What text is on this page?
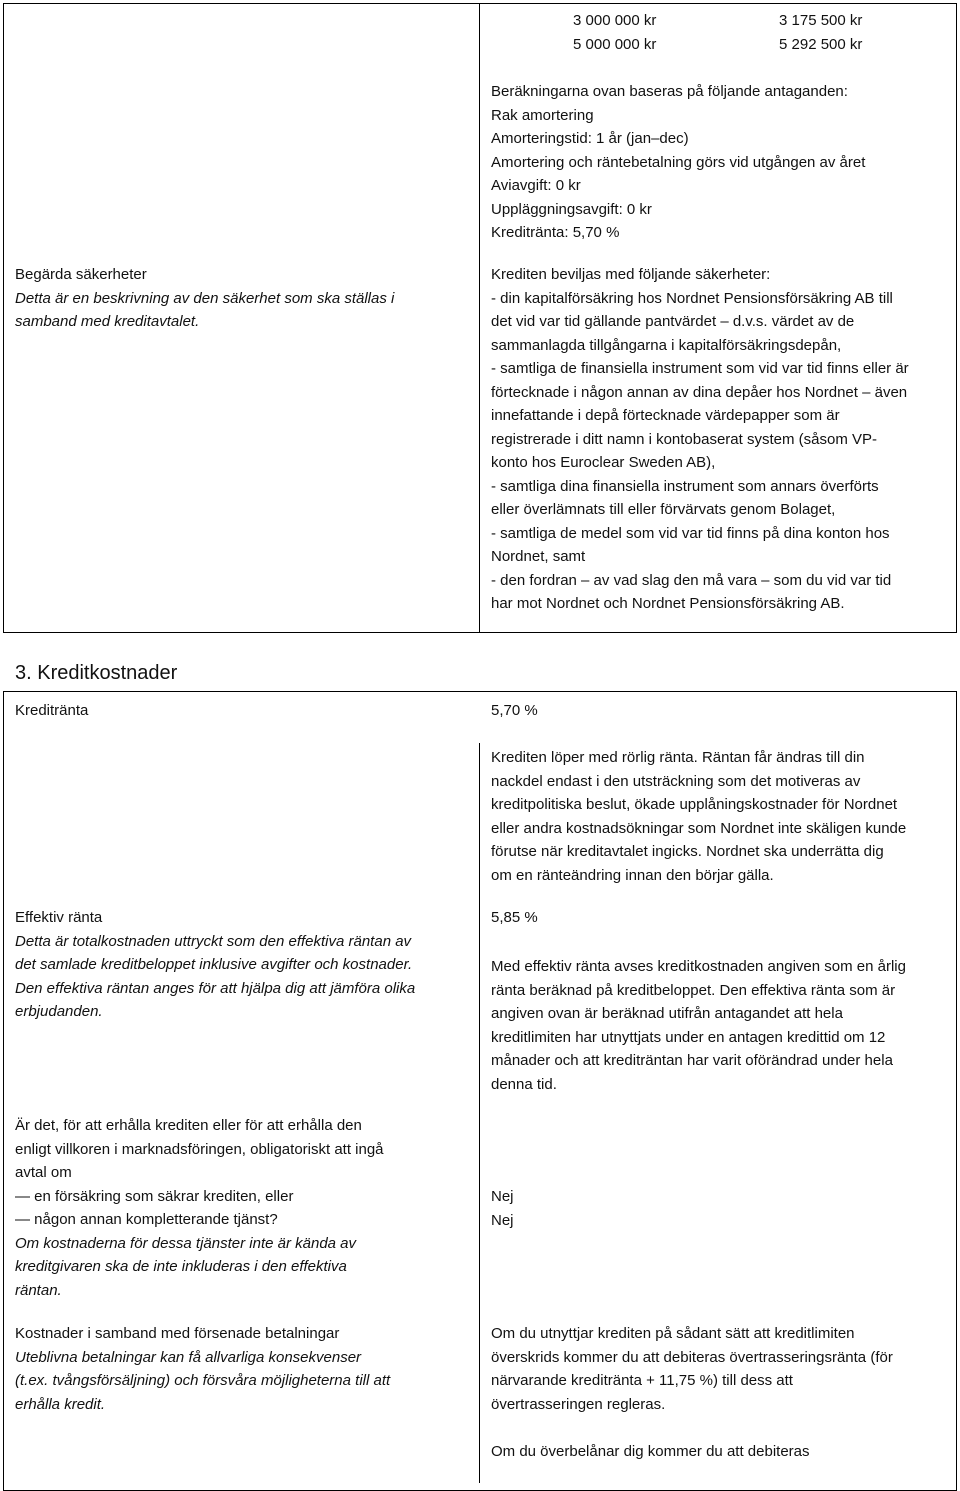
3 000 000 kr
5 000 000 kr
3 175 500 kr
5 292 500 kr
Beräkningarna ovan baseras på följande antaganden:
Rak amortering
Amorteringstid: 1 år (jan–dec)
Amortering och räntebetalning görs vid utgången av året
Aviavgift: 0 kr
Uppläggningsavgift: 0 kr
Kreditränta: 5,70 %
Begärda säkerheter
Detta är en beskrivning av den säkerhet som ska ställas i
samband med kreditavtalet.
Krediten beviljas med följande säkerheter:
- din kapitalförsäkring hos Nordnet Pensionsförsäkring AB till
det vid var tid gällande pantvärdet – d.v.s. värdet av de
sammanlagda tillgångarna i kapitalförsäkringsdepån,
- samtliga de finansiella instrument som vid var tid finns eller är
förtecknade i någon annan av dina depåer hos Nordnet – även
innefattande i depå förtecknade värdepapper som är
registrerade i ditt namn i kontobaserat system (såsom VP-
konto hos Euroclear Sweden AB),
- samtliga dina finansiella instrument som annars överförts
eller överlämnats till eller förvärvats genom Bolaget,
- samtliga de medel som vid var tid finns på dina konton hos
Nordnet, samt
- den fordran – av vad slag den må vara – som du vid var tid
har mot Nordnet och Nordnet Pensionsförsäkring AB.
3. Kreditkostnader
Kreditränta	5,70 %
Krediten löper med rörlig ränta. Räntan får ändras till din
nackdel endast i den utsträckning som det motiveras av
kreditpolitiska beslut, ökade upplåningskostnader för Nordnet
eller andra kostnadsökningar som Nordnet inte skäligen kunde
förutse när kreditavtalet ingicks. Nordnet ska underrätta dig
om en ränteändring innan den börjar gälla.
Effektiv ränta
Detta är totalkostnaden uttryckt som den effektiva räntan av
det samlade kreditbeloppet inklusive avgifter och kostnader.
Den effektiva räntan anges för att hjälpa dig att jämföra olika
erbjudanden.
5,85 %
Med effektiv ränta avses kreditkostnaden angiven som en årlig
ränta beräknad på kreditbeloppet. Den effektiva ränta som är
angiven ovan är beräknad utifrån antagandet att hela
kreditlimiten har utnyttjats under en antagen kredittid om 12
månader och att krediträntan har varit oförändrad under hela
denna tid.
Är det, för att erhålla krediten eller för att erhålla den
enligt villkoren i marknadsföringen, obligatoriskt att ingå
avtal om
— en försäkring som säkrar krediten, eller
— någon annan kompletterande tjänst?
Om kostnaderna för dessa tjänster inte är kända av
kreditgivaren ska de inte inkluderas i den effektiva
räntan.
Nej
Nej
Kostnader i samband med försenade betalningar
Uteblivna betalningar kan få allvarliga konsekvenser
(t.ex. tvångsförsäljning) och försvåra möjligheterna till att
erhålla kredit.
Om du utnyttjar krediten på sådant sätt att kreditlimiten
överskrids kommer du att debiteras övertrasseringsränta (för
närvarande kreditränta + 11,75 %) till dess att
övertrasseringen regleras.
Om du överbelånar dig kommer du att debiteras
